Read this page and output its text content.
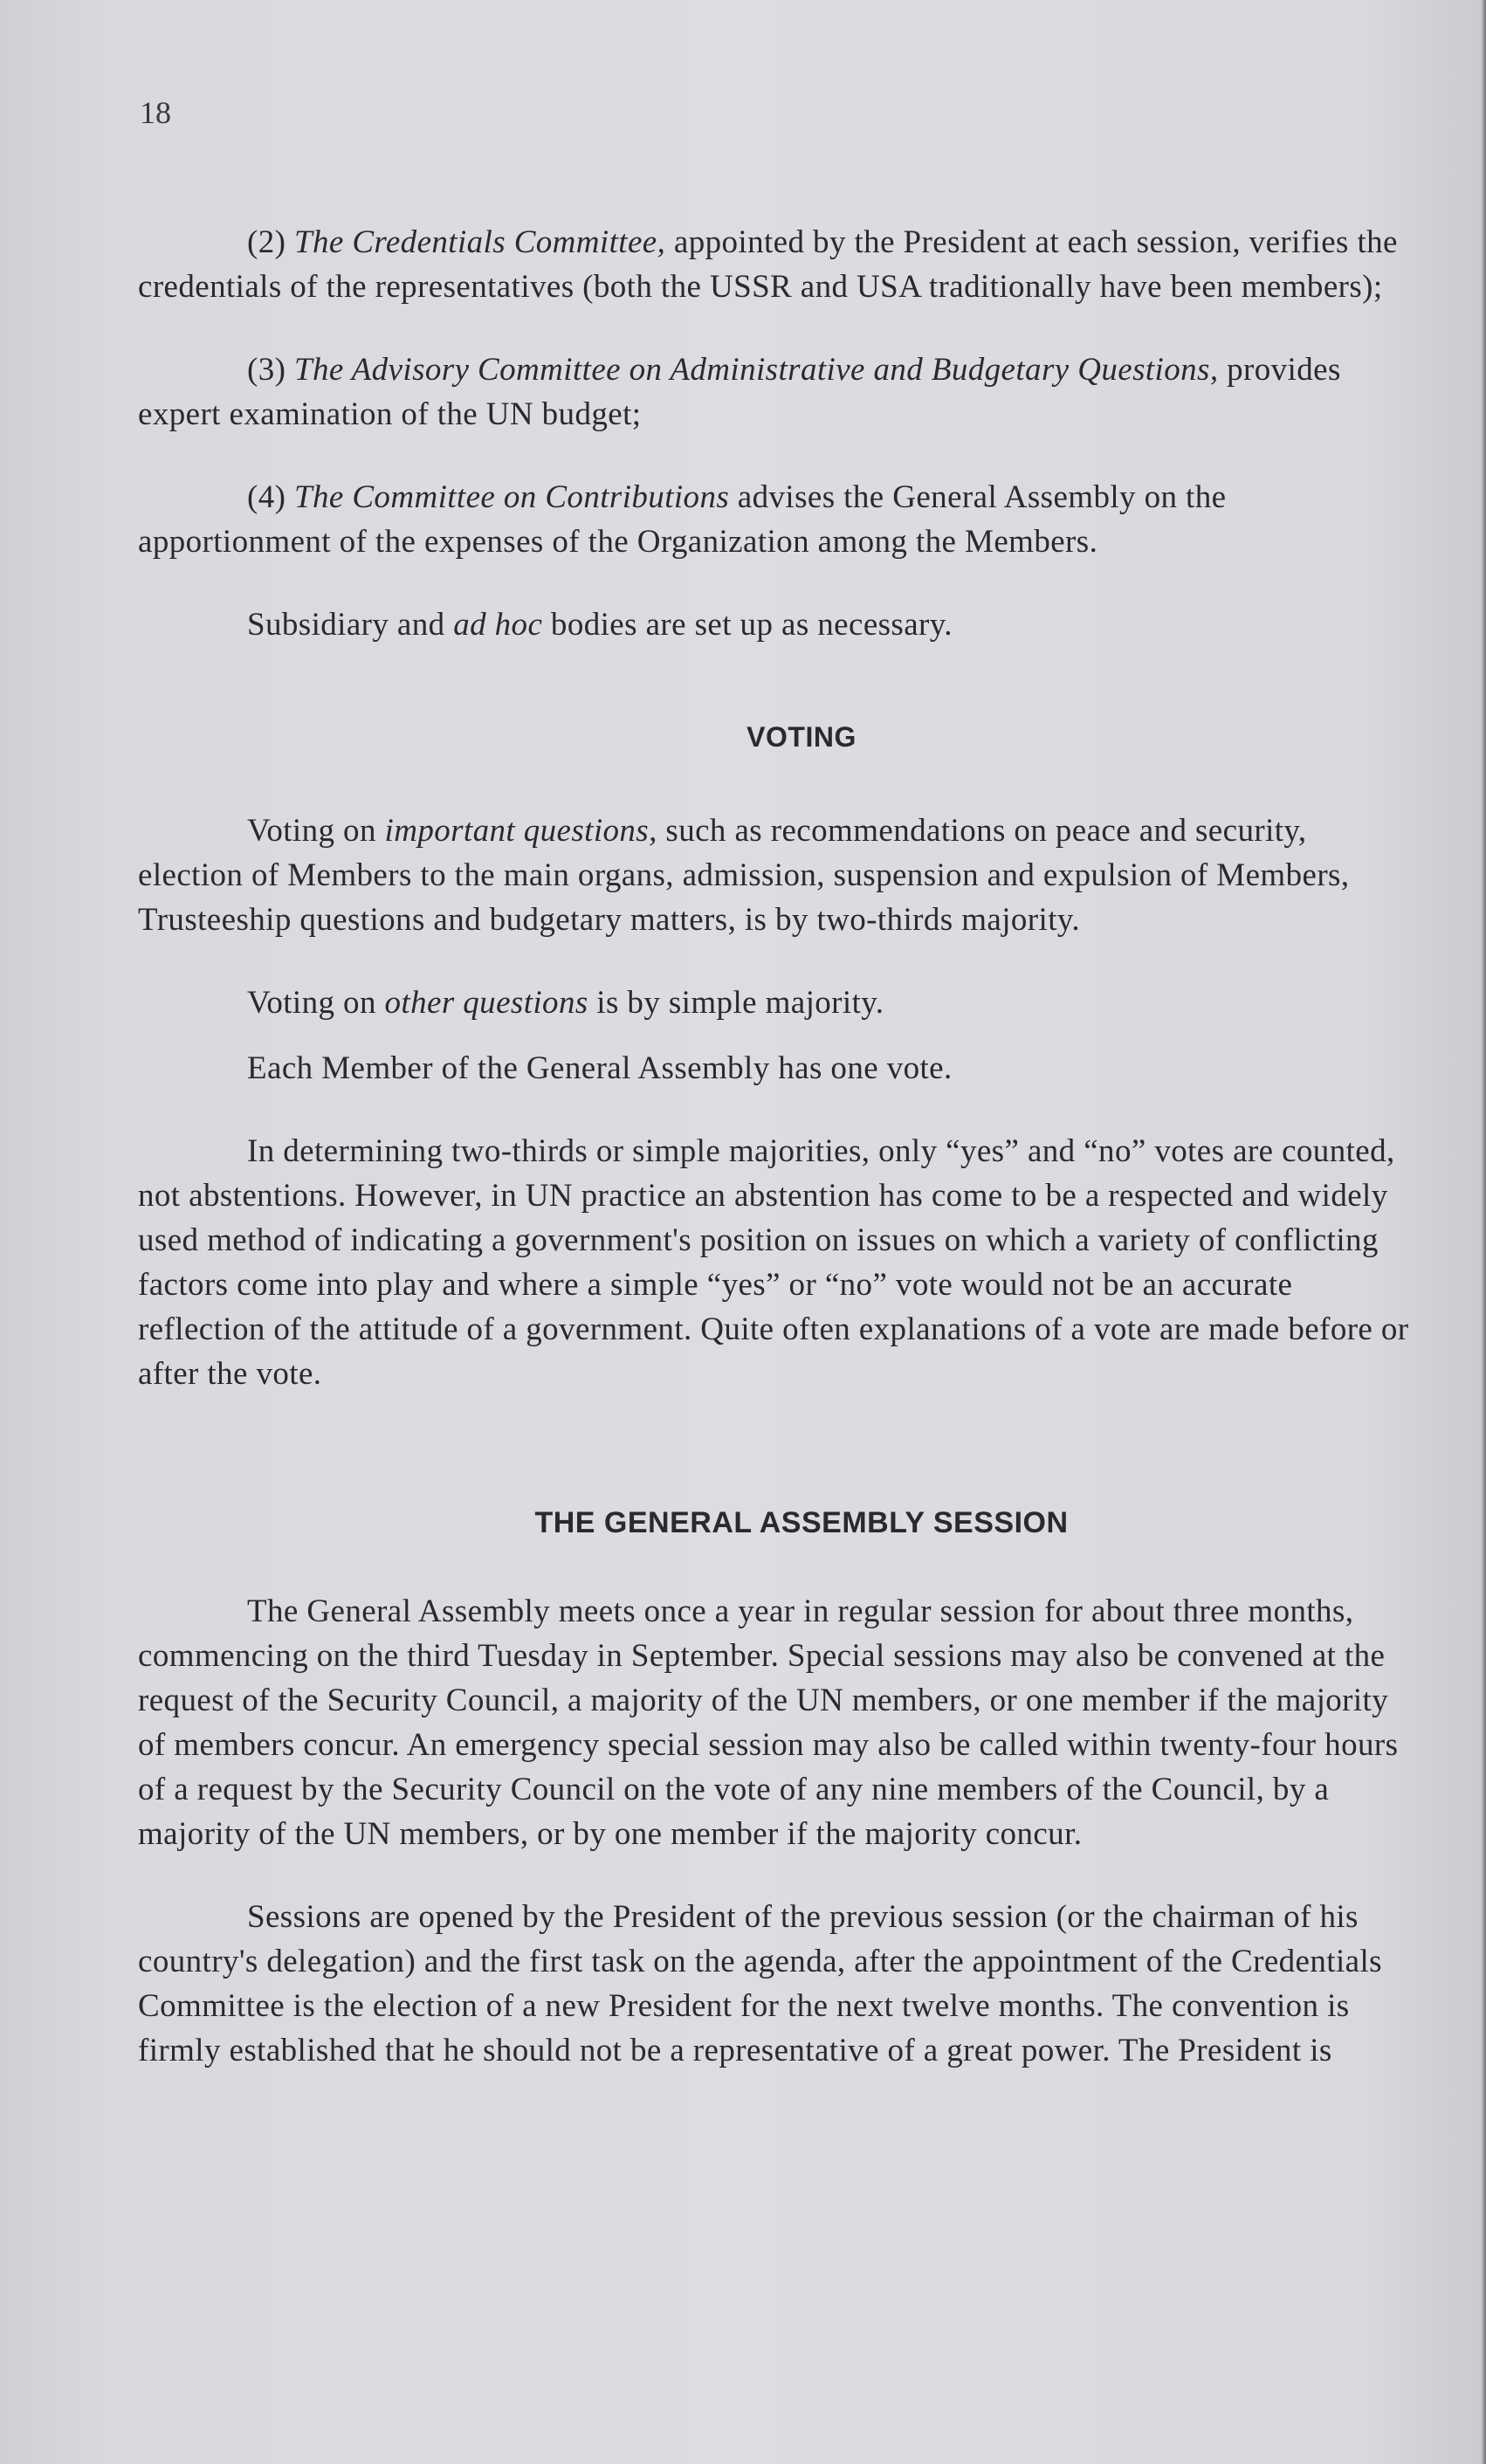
18

(2) The Credentials Committee, appointed by the President at each session, verifies the credentials of the representatives (both the USSR and USA traditionally have been members);

(3) The Advisory Committee on Administrative and Budgetary Questions, provides expert examination of the UN budget;

(4) The Committee on Contributions advises the General Assembly on the apportionment of the expenses of the Organization among the Members.

Subsidiary and ad hoc bodies are set up as necessary.

VOTING

Voting on important questions, such as recommendations on peace and security, election of Members to the main organs, admission, suspension and expulsion of Members, Trusteeship questions and budgetary matters, is by two-thirds majority.

Voting on other questions is by simple majority.

Each Member of the General Assembly has one vote.

In determining two-thirds or simple majorities, only “yes” and “no” votes are counted, not abstentions. However, in UN practice an abstention has come to be a respected and widely used method of indicating a government's position on issues on which a variety of conflicting factors come into play and where a simple “yes” or “no” vote would not be an accurate reflection of the attitude of a government. Quite often explanations of a vote are made before or after the vote.

THE GENERAL ASSEMBLY SESSION

The General Assembly meets once a year in regular session for about three months, commencing on the third Tuesday in September. Special sessions may also be convened at the request of the Security Council, a majority of the UN members, or one member if the majority of members concur. An emergency special session may also be called within twenty-four hours of a request by the Security Council on the vote of any nine members of the Council, by a majority of the UN members, or by one member if the majority concur.

Sessions are opened by the President of the previous session (or the chairman of his country's delegation) and the first task on the agenda, after the appointment of the Credentials Committee is the election of a new President for the next twelve months. The convention is firmly established that he should not be a representative of a great power. The President is
